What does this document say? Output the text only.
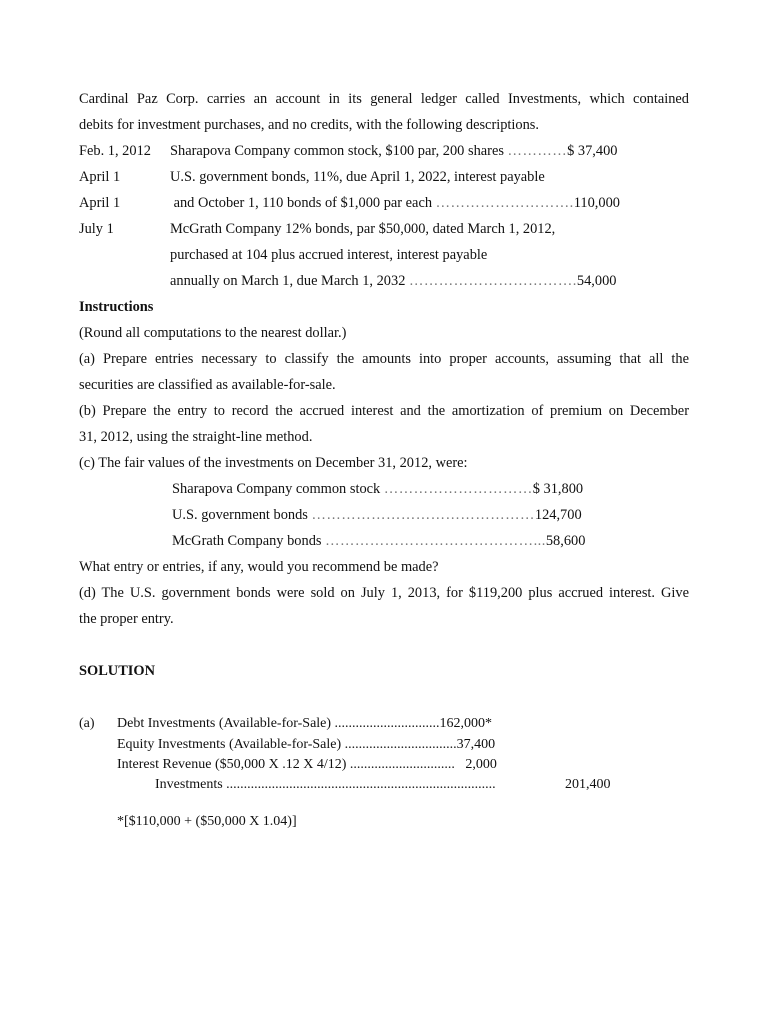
Cardinal Paz Corp. carries an account in its general ledger called Investments, which contained

debits for investment purchases, and no credits, with the following descriptions.

Feb. 1, 2012	Sharapova Company common stock, $100 par, 200 shares …………$ 37,400
April 1	U.S. government bonds, 11%, due April 1, 2022, interest payable
April 1	and October 1, 110 bonds of $1,000 par each ……………………….110,000
July 1	McGrath Company 12% bonds, par $50,000, dated March 1, 2012,
purchased at 104 plus accrued interest, interest payable
annually on March 1, due March 1, 2032 …………………………….54,000

Instructions

(Round all computations to the nearest dollar.)

(a) Prepare entries necessary to classify the amounts into proper accounts, assuming that all the

securities are classified as available-for-sale.

(b) Prepare the entry to record the accrued interest and the amortization of premium on December

31, 2012, using the straight-line method.

(c) The fair values of the investments on December 31, 2012, were:

Sharapova Company common stock …………………………$ 31,800
U.S. government bonds ………………………………………124,700
McGrath Company bonds ……………………………………...58,600

What entry or entries, if any, would you recommend be made?

(d) The U.S. government bonds were sold on July 1, 2013, for $119,200 plus accrued interest. Give

the proper entry.

SOLUTION

(a) Debt Investments (Available-for-Sale) ..............................162,000*
Equity Investments (Available-for-Sale) ................................37,400
Interest Revenue ($50,000 X .12 X 4/12) ..............................   2,000
Investments .............................................................................	201,400
*[$110,000 + ($50,000 X 1.04)]
